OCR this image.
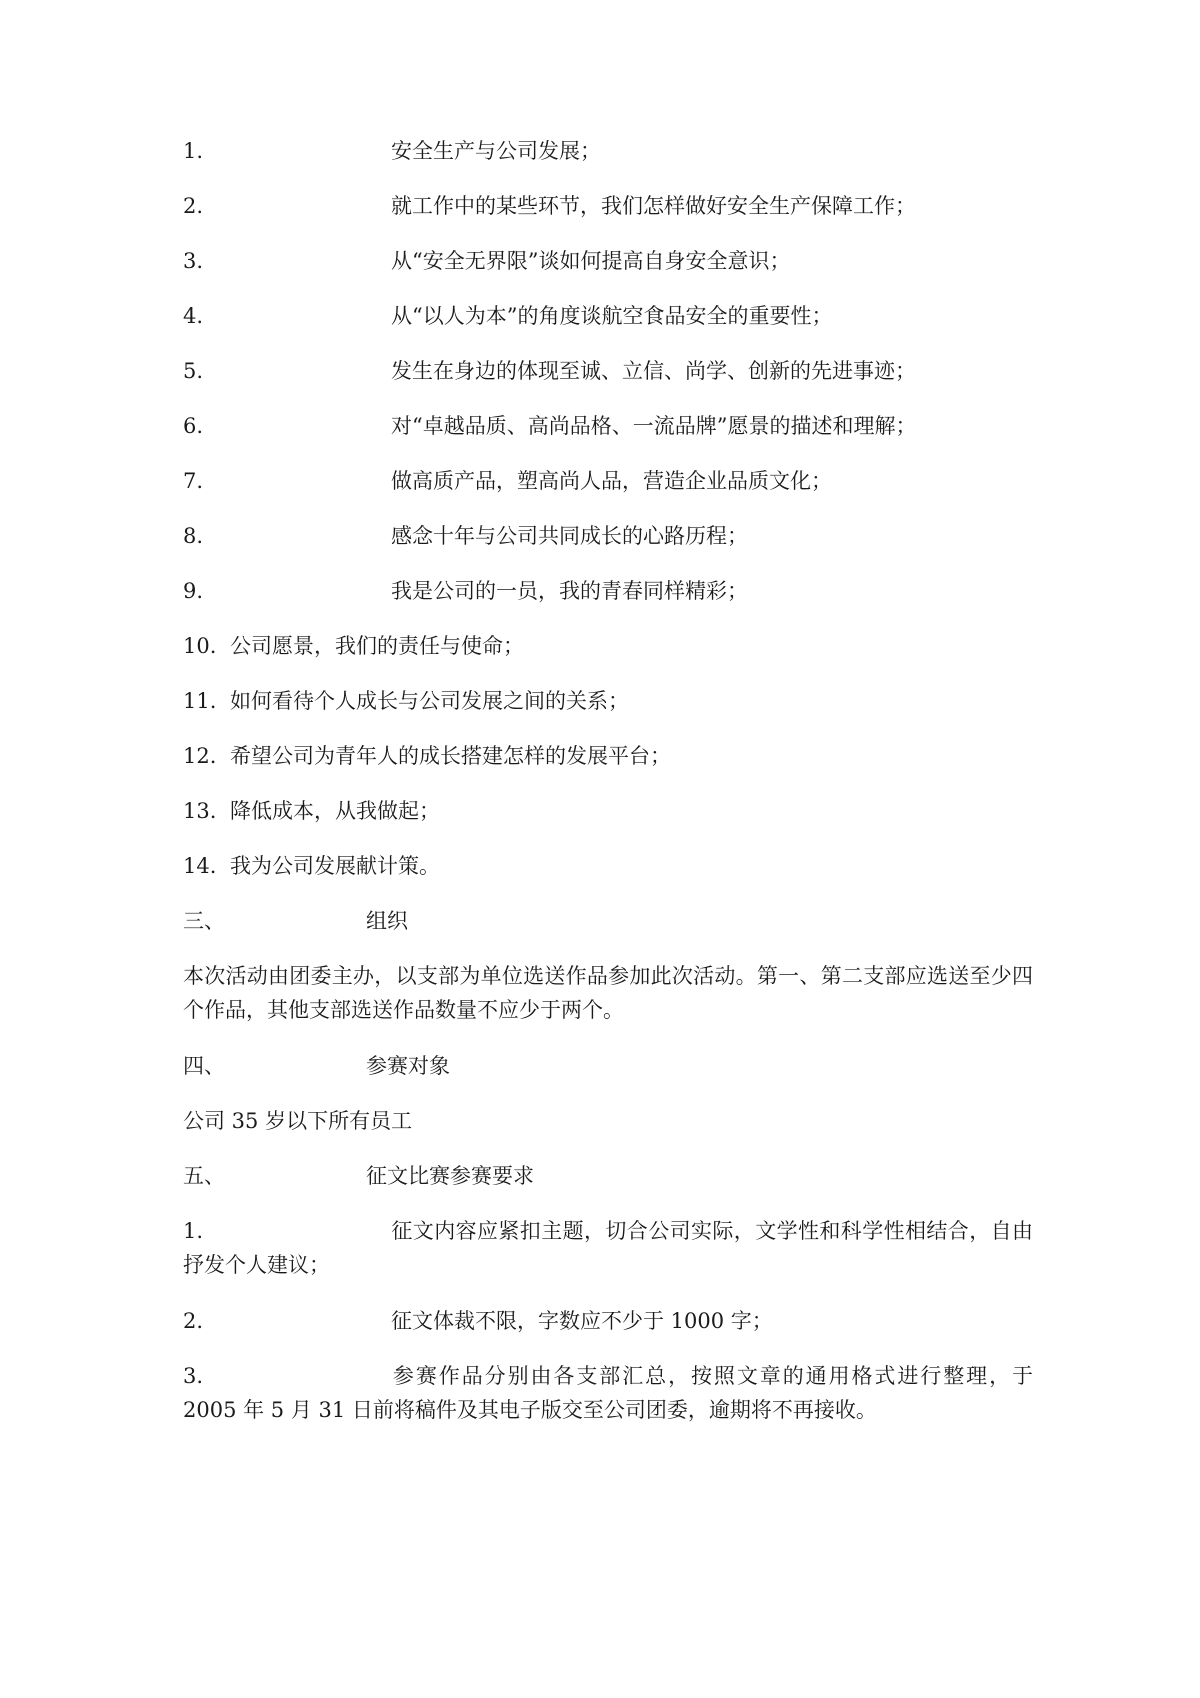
1.	安全生产与公司发展；
2.	就工作中的某些环节，我们怎样做好安全生产保障工作；
3.	从“安全无界限”谈如何提高自身安全意识；
4.	从“以人为本”的角度谈航空食品安全的重要性；
5.	发生在身边的体现至诚、立信、尚学、创新的先进事迹；
6.	对“卓越品质、高尚品格、一流品牌”愿景的描述和理解；
7.	做高质产品，塑高尚人品，营造企业品质文化；
8.	感念十年与公司共同成长的心路历程；
9.	我是公司的一员，我的青春同样精彩；
10. 公司愿景，我们的责任与使命；
11. 如何看待个人成长与公司发展之间的关系；
12. 希望公司为青年人的成长搭建怎样的发展平台；
13. 降低成本，从我做起；
14. 我为公司发展献计策。
三、	组织
本次活动由团委主办，以支部为单位选送作品参加此次活动。第一、第二支部应选送至少四个作品，其他支部选送作品数量不应少于两个。
四、	参赛对象
公司 35 岁以下所有员工
五、	征文比赛参赛要求
1.	征文内容应紧扣主题，切合公司实际，文学性和科学性相结合，自由抒发个人建议；
2.	征文体裁不限，字数应不少于 1000 字；
3.	参赛作品分别由各支部汇总，按照文章的通用格式进行整理，于 2005 年 5 月 31 日前将稿件及其电子版交至公司团委，逾期将不再接收。
